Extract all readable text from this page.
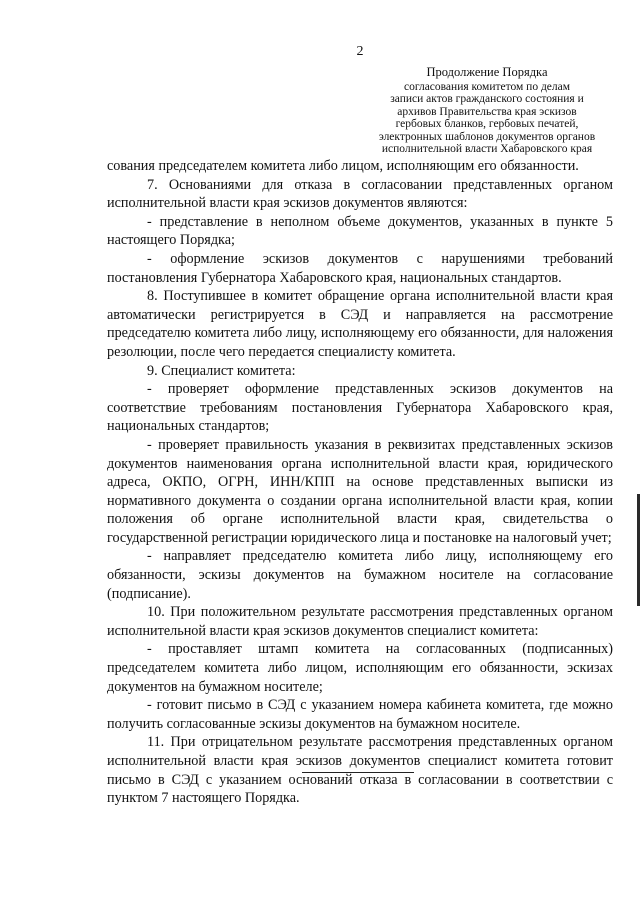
2
Продолжение Порядка
согласования комитетом по делам
записи актов гражданского состояния и
архивов Правительства края эскизов
гербовых бланков, гербовых печатей,
электронных шаблонов документов органов
исполнительной власти Хабаровского края

сования председателем комитета либо лицом, исполняющим его обязанности.

7. Основаниями для отказа в согласовании представленных органом исполнительной власти края эскизов документов являются:

- представление в неполном объеме документов, указанных в пункте 5 настоящего Порядка;

- оформление эскизов документов с нарушениями требований постановления Губернатора Хабаровского края, национальных стандартов.

8. Поступившее в комитет обращение органа исполнительной власти края автоматически регистрируется в СЭД и направляется на рассмотрение председателю комитета либо лицу, исполняющему его обязанности, для наложения резолюции, после чего передается специалисту комитета.

9. Специалист комитета:

- проверяет оформление представленных эскизов документов на соответствие требованиям постановления Губернатора Хабаровского края, национальных стандартов;

- проверяет правильность указания в реквизитах представленных эскизов документов наименования органа исполнительной власти края, юридического адреса, ОКПО, ОГРН, ИНН/КПП на основе представленных выписки из нормативного документа о создании органа исполнительной власти края, копии положения об органе исполнительной власти края, свидетельства о государственной регистрации юридического лица и постановке на налоговый учет;

- направляет председателю комитета либо лицу, исполняющему его обязанности, эскизы документов на бумажном носителе на согласование (подписание).

10. При положительном результате рассмотрения представленных органом исполнительной власти края эскизов документов специалист комитета:

- проставляет штамп комитета на согласованных (подписанных) председателем комитета либо лицом, исполняющим его обязанности, эскизах документов на бумажном носителе;

- готовит письмо в СЭД с указанием номера кабинета комитета, где можно получить согласованные эскизы документов на бумажном носителе.

11. При отрицательном результате рассмотрения представленных органом исполнительной власти края эскизов документов специалист комитета готовит письмо в СЭД с указанием оснований отказа в согласовании в соответствии с пунктом 7 настоящего Порядка.
